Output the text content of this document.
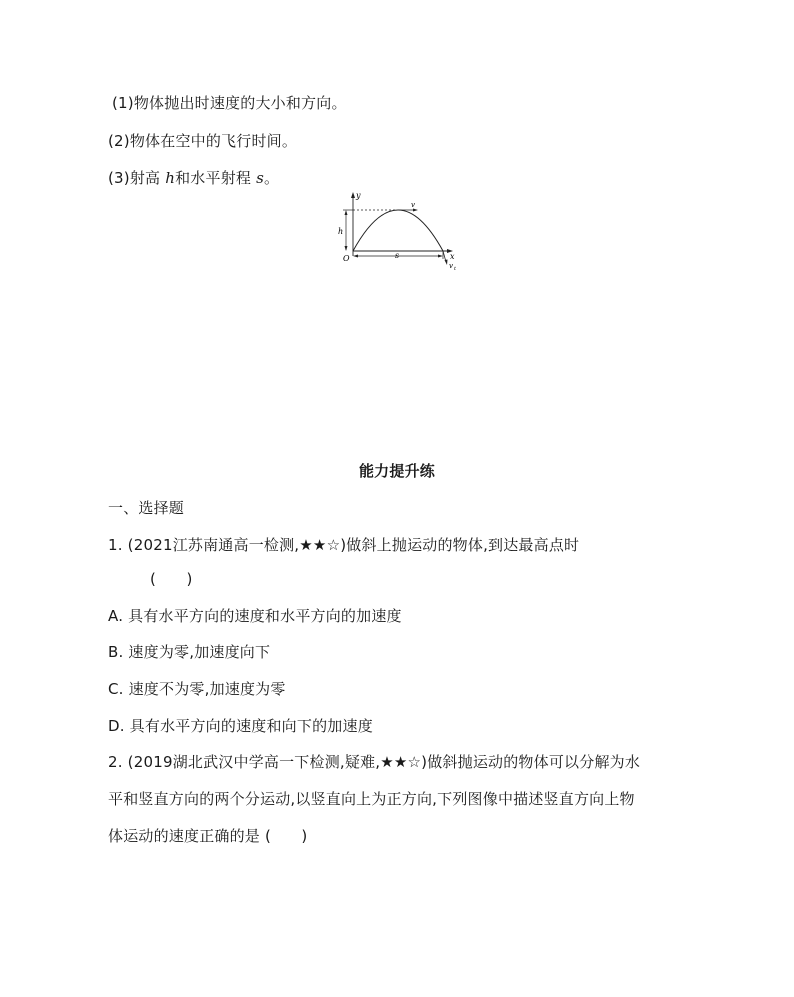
(1)物体抛出时速度的大小和方向。
(2)物体在空中的飞行时间。
(3)射高 h和水平射程 s。
y
x
O
h
s
v
v t
能力提升练
一、选择题
1. (2021江苏南通高一检测,★★☆)做斜上抛运动的物体,到达最高点时
(　　)
A. 具有水平方向的速度和水平方向的加速度
B. 速度为零,加速度向下
C. 速度不为零,加速度为零
D. 具有水平方向的速度和向下的加速度
2. (2019湖北武汉中学高一下检测,疑难,★★☆)做斜抛运动的物体可以分解为水
平和竖直方向的两个分运动,以竖直向上为正方向,下列图像中描述竖直方向上物
体运动的速度正确的是 (　　)
